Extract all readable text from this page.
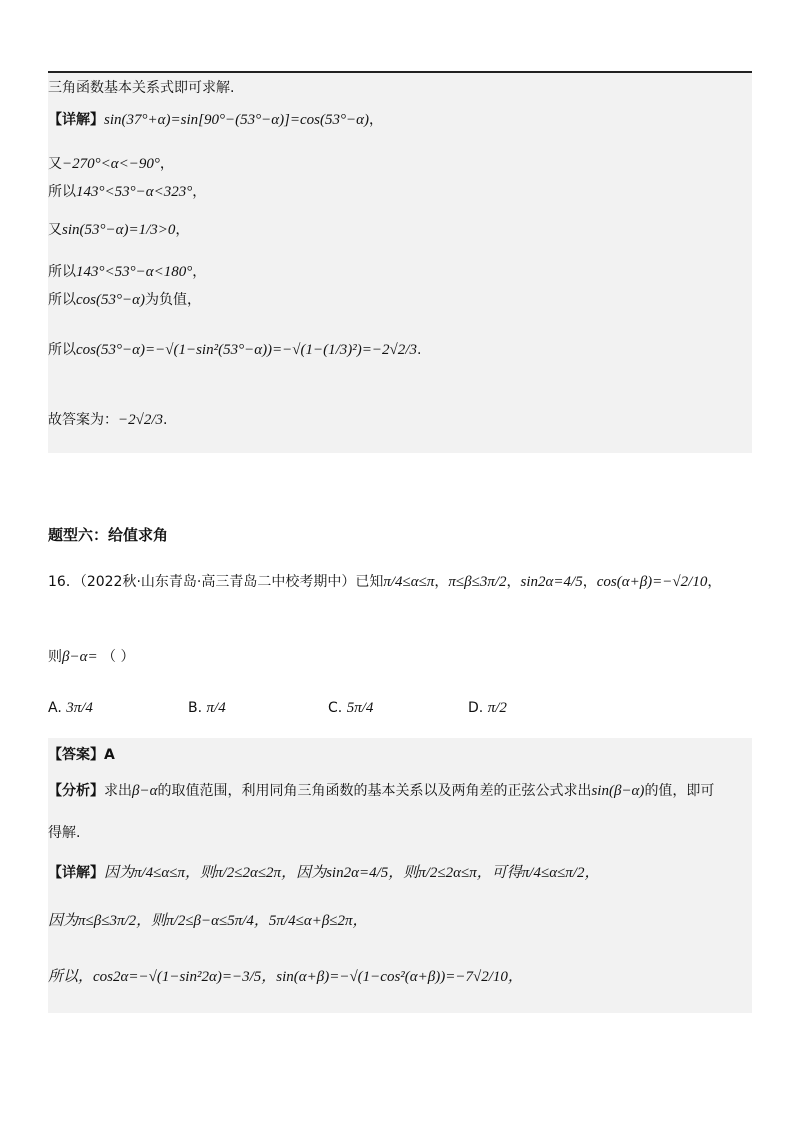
三角函数基本关系式即可求解.
【详解】sin(37°+α)=sin[90°−(53°−α)]=cos(53°−α)，
又−270°<α<−90°，
所以143°<53°−α<323°，
又sin(53°−α)=1/3>0，
所以143°<53°−α<180°，
所以cos(53°−α)为负值，
所以cos(53°−α)=−√(1−sin²(53°−α))=−√(1−(1/3)²)=−2√2/3.
故答案为：−2√2/3.
题型六：给值求角
16．（2022秋·山东青岛·高三青岛二中校考期中）已知π/4≤α≤π，π≤β≤3π/2，sin2α=4/5，cos(α+β)=−√2/10，
则β−α= （ ）
A. 3π/4	B. π/4	C. 5π/4	D. π/2
【答案】A
【分析】求出β−α的取值范围，利用同角三角函数的基本关系以及两角差的正弦公式求出sin(β−α)的值，即可
得解.
【详解】因为π/4≤α≤π，则π/2≤2α≤2π，因为sin2α=4/5，则π/2≤2α≤π，可得π/4≤α≤π/2，
因为π≤β≤3π/2，则π/2≤β−α≤5π/4，5π/4≤α+β≤2π，
所以，cos2α=−√(1−sin²2α)=−3/5，sin(α+β)=−√(1−cos²(α+β))=−7√2/10，
